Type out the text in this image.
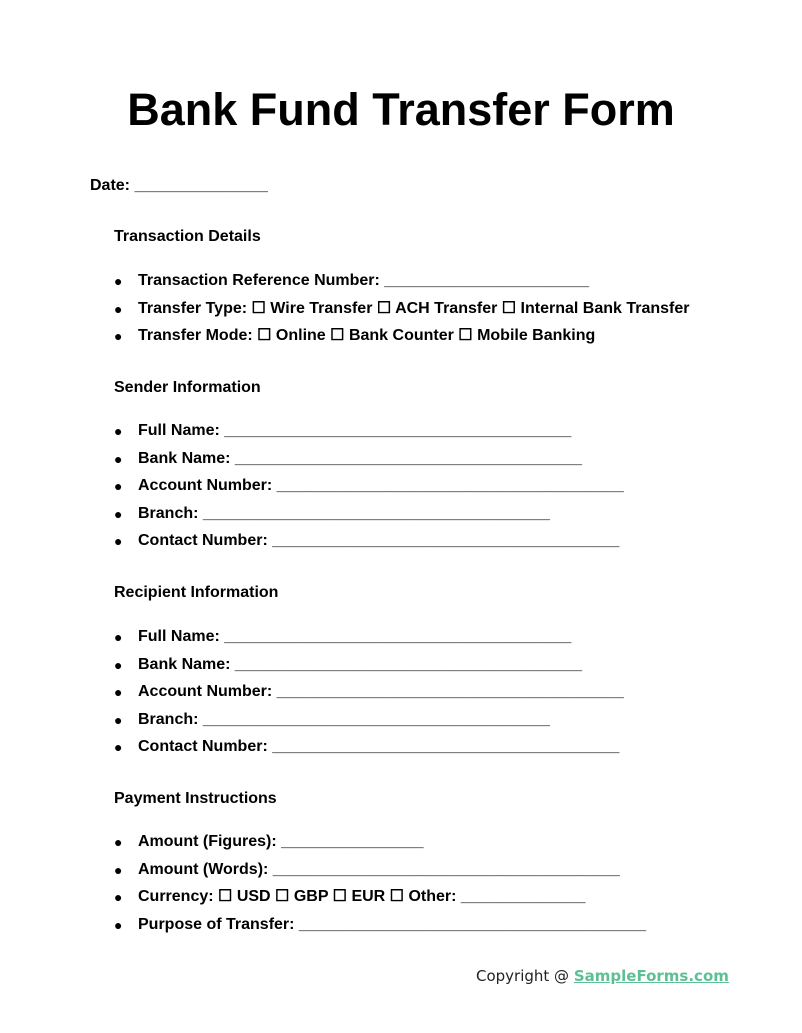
Bank Fund Transfer Form
Date: _______________
Transaction Details
● Transaction Reference Number: _______________________
● Transfer Type: ☐ Wire Transfer ☐ ACH Transfer ☐ Internal Bank Transfer
● Transfer Mode: ☐ Online ☐ Bank Counter ☐ Mobile Banking
Sender Information
● Full Name: _______________________________________
● Bank Name: _______________________________________
● Account Number: _______________________________________
● Branch: _______________________________________
● Contact Number: _______________________________________
Recipient Information
● Full Name: _______________________________________
● Bank Name: _______________________________________
● Account Number: _______________________________________
● Branch: _______________________________________
● Contact Number: _______________________________________
Payment Instructions
● Amount (Figures): ________________
● Amount (Words): _______________________________________
● Currency: ☐ USD ☐ GBP ☐ EUR ☐ Other: ______________
● Purpose of Transfer: _______________________________________
Copyright @ SampleForms.com
